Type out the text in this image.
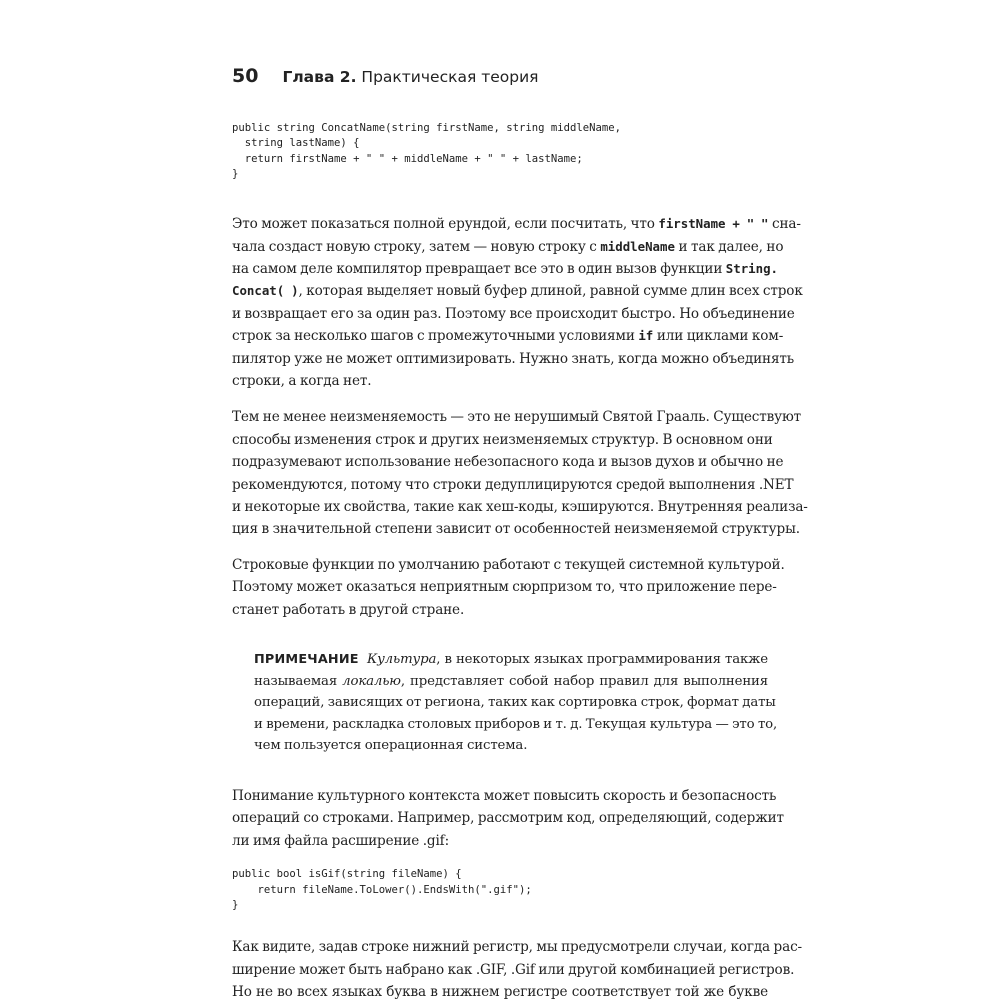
50 Глава 2. Практическая теория
public string ConcatName(string firstName, string middleName,
string lastName) {
return firstName + " " + middleName + " " + lastName;
}
Это может показаться полной ерундой, если посчитать, что firstName + " " сна-
чала создаст новую строку, затем — новую строку с middleName и так далее, но
на самом деле компилятор превращает все это в один вызов функции String.
Concat( ), которая выделяет новый буфер длиной, равной сумме длин всех строк
и возвращает его за один раз. Поэтому все происходит быстро. Но объединение
строк за несколько шагов с промежуточными условиями if или циклами ком-
пилятор уже не может оптимизировать. Нужно знать, когда можно объединять
строки, а когда нет.
Тем не менее неизменяемость — это не нерушимый Святой Грааль. Существуют
способы изменения строк и других неизменяемых структур. В основном они
подразумевают использование небезопасного кода и вызов духов и обычно не
рекомендуются, потому что строки дедуплицируются средой выполнения .NET
и некоторые их свойства, такие как хеш-коды, кэшируются. Внутренняя реализа-
ция в значительной степени зависит от особенностей неизменяемой структуры.
Строковые функции по умолчанию работают с текущей системной культурой.
Поэтому может оказаться неприятным сюрпризом то, что приложение пере-
станет работать в другой стране.
ПРИМЕЧАНИЕ Культура, в некоторых языках программирования также
называемая локалью, представляет собой набор правил для выполнения
операций, зависящих от региона, таких как сортировка строк, формат даты
и времени, раскладка столовых приборов и т. д. Текущая культура — это то,
чем пользуется операционная система.
Понимание культурного контекста может повысить скорость и безопасность
операций со строками. Например, рассмотрим код, определяющий, содержит
ли имя файла расширение .gif:
public bool isGif(string fileName) {
return fileName.ToLower().EndsWith(".gif");
}
Как видите, задав строке нижний регистр, мы предусмотрели случаи, когда рас-
ширение может быть набрано как .GIF, .Gif или другой комбинацией регистров.
Но не во всех языках буква в нижнем регистре соответствует той же букве
